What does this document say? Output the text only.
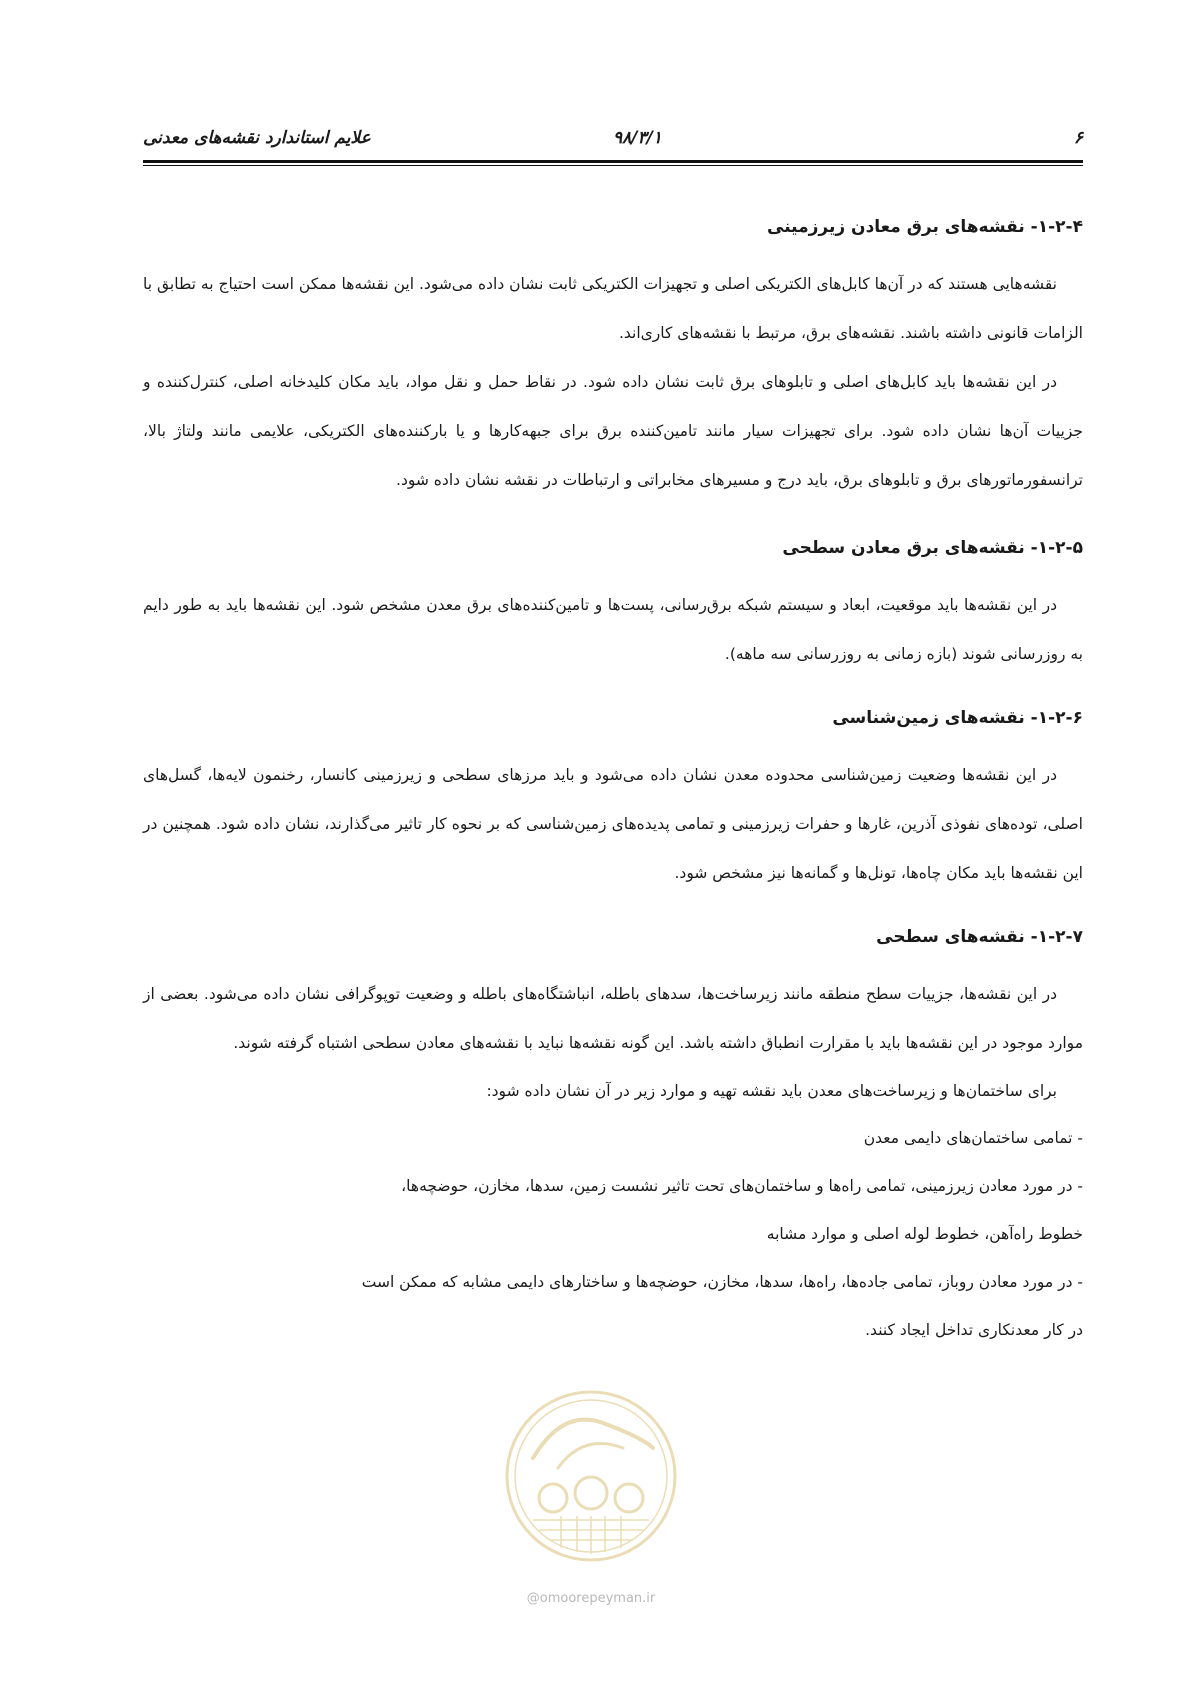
۶
۹۸/۳/۱
علایم استاندارد نقشه‌های معدنی
۱-۲-۴- نقشه‌های برق معادن زیرزمینی

نقشه‌هایی هستند که در آن‌ها کابل‌های الکتریکی اصلی و تجهیزات الکتریکی ثابت نشان داده می‌شود. این نقشه‌ها ممکن است احتیاج به تطابق با الزامات قانونی داشته باشند. نقشه‌های برق، مرتبط با نقشه‌های کاری‌اند.

در این نقشه‌ها باید کابل‌های اصلی و تابلوهای برق ثابت نشان داده شود. در نقاط حمل و نقل مواد، باید مکان کلیدخانه اصلی، کنترل‌کننده و جزییات آن‌ها نشان داده شود. برای تجهیزات سیار مانند تامین‌کننده برق برای جبهه‌کارها و یا بارکننده‌های الکتریکی، علایمی مانند ولتاژ بالا، ترانسفورماتورهای برق و تابلوهای برق، باید درج و مسیرهای مخابراتی و ارتباطات در نقشه نشان داده شود.

۱-۲-۵- نقشه‌های برق معادن سطحی

در این نقشه‌ها باید موقعیت، ابعاد و سیستم شبکه برق‌رسانی، پست‌ها و تامین‌کننده‌های برق معدن مشخص شود. این نقشه‌ها باید به طور دایم به روزرسانی شوند (بازه زمانی به روزرسانی سه ماهه).

۱-۲-۶- نقشه‌های زمین‌شناسی

در این نقشه‌ها وضعیت زمین‌شناسی محدوده معدن نشان داده می‌شود و باید مرزهای سطحی و زیرزمینی کانسار، رخنمون لایه‌ها، گسل‌های اصلی، توده‌های نفوذی آذرین، غارها و حفرات زیرزمینی و تمامی پدیده‌های زمین‌شناسی که بر نحوه کار تاثیر می‌گذارند، نشان داده شود. همچنین در این نقشه‌ها باید مکان چاه‌ها، تونل‌ها و گمانه‌ها نیز مشخص شود.

۱-۲-۷- نقشه‌های سطحی

در این نقشه‌ها، جزییات سطح منطقه مانند زیرساخت‌ها، سدهای باطله، انباشتگاه‌های باطله و وضعیت توپوگرافی نشان داده می‌شود. بعضی از موارد موجود در این نقشه‌ها باید با مقرارت انطباق داشته باشد. این گونه نقشه‌ها نباید با نقشه‌های معادن سطحی اشتباه گرفته شوند.

برای ساختمان‌ها و زیرساخت‌های معدن باید نقشه تهیه و موارد زیر در آن نشان داده شود:

- تمامی ساختمان‌های دایمی معدن

- در مورد معادن زیرزمینی، تمامی راه‌ها و ساختمان‌های تحت تاثیر نشست زمین، سدها، مخازن، حوضچه‌ها،

خطوط راه‌آهن، خطوط لوله اصلی و موارد مشابه

- در مورد معادن روباز، تمامی جاده‌ها، راه‌ها، سدها، مخازن، حوضچه‌ها و ساختارهای دایمی مشابه که ممکن است

در کار معدنکاری تداخل ایجاد کنند.

@omoorepeyman.ir
